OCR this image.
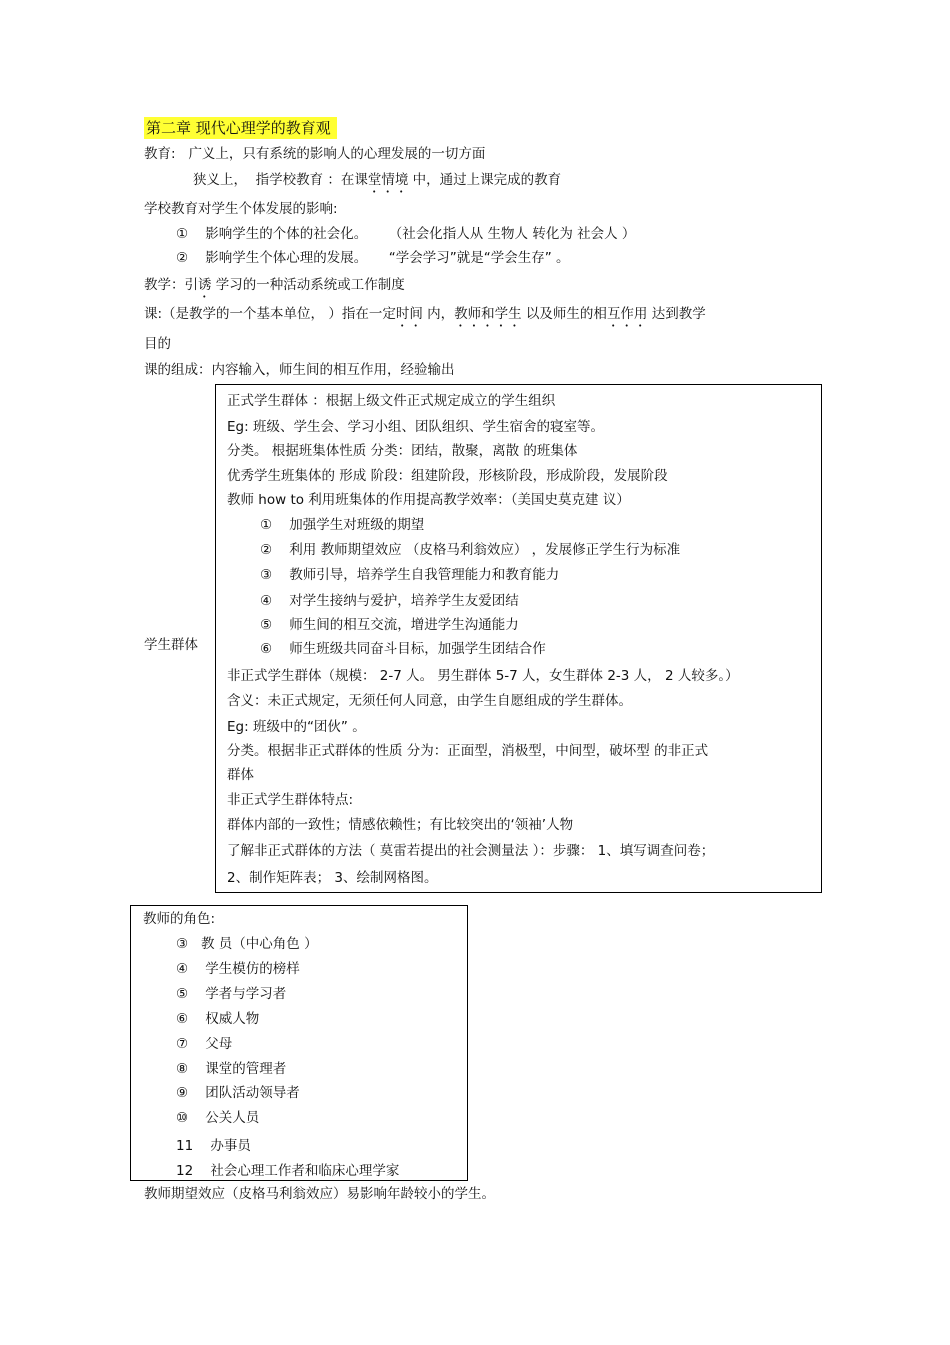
第二章 现代心理学的教育观
教育: 广义上，只有系统的影响人的心理发展的一切方面
狭义上， 指学校教育 ：在课堂情境 中，通过上课完成的教育
学校教育对学生个体发展的影响:
① 影响学生的个体的社会化。 （社会化指人从 生物人 转化为 社会人 ）
② 影响学生个体心理的发展。 “学会学习”就是“学会生存” 。
教学：引诱 学习的一种活动系统或工作制度
课:（是教学的一个基本单位， ）指在一定时间 内，教师和学生 以及师生的相互作用 达到教学
目的
课的组成：内容输入，师生间的相互作用，经验输出
学生群体
正式学生群体 ：根据上级文件正式规定成立的学生组织
Eg: 班级、学生会、学习小组、团队组织、学生宿舍的寝室等。
分类。 根据班集体性质 分类：团结，散聚，离散 的班集体
优秀学生班集体的 形成 阶段：组建阶段，形核阶段，形成阶段，发展阶段
教师 how to 利用班集体的作用提高教学效率：（美国史莫克建 议）
① 加强学生对班级的期望
② 利用 教师期望效应 （皮格马利翁效应） ，发展修正学生行为标准
③ 教师引导，培养学生自我管理能力和教育能力
④ 对学生接纳与爱护，培养学生友爱团结
⑤ 师生间的相互交流，增进学生沟通能力
⑥ 师生班级共同奋斗目标，加强学生团结合作
非正式学生群体（规模： 2-7 人。 男生群体 5-7 人，女生群体 2-3 人， 2 人较多。）
含义：未正式规定，无须任何人同意，由学生自愿组成的学生群体。
Eg: 班级中的“团伙” 。
分类。根据非正式群体的性质 分为：正面型，消极型，中间型，破坏型 的非正式
群体
非正式学生群体特点:
群体内部的一致性；情感依赖性；有比较突出的‘领袖’人物
了解非正式群体的方法（ 莫雷若提出的社会测量法 ）：步骤： 1、填写调查问卷；
2、制作矩阵表； 3、绘制网格图。
教师的角色:
③ 教 员（中心角色 ）
④ 学生模仿的榜样
⑤ 学者与学习者
⑥ 权威人物
⑦ 父母
⑧ 课堂的管理者
⑨ 团队活动领导者
⑩ 公关人员
11 办事员
12 社会心理工作者和临床心理学家
教师期望效应（皮格马利翁效应）易影响年龄较小的学生。
